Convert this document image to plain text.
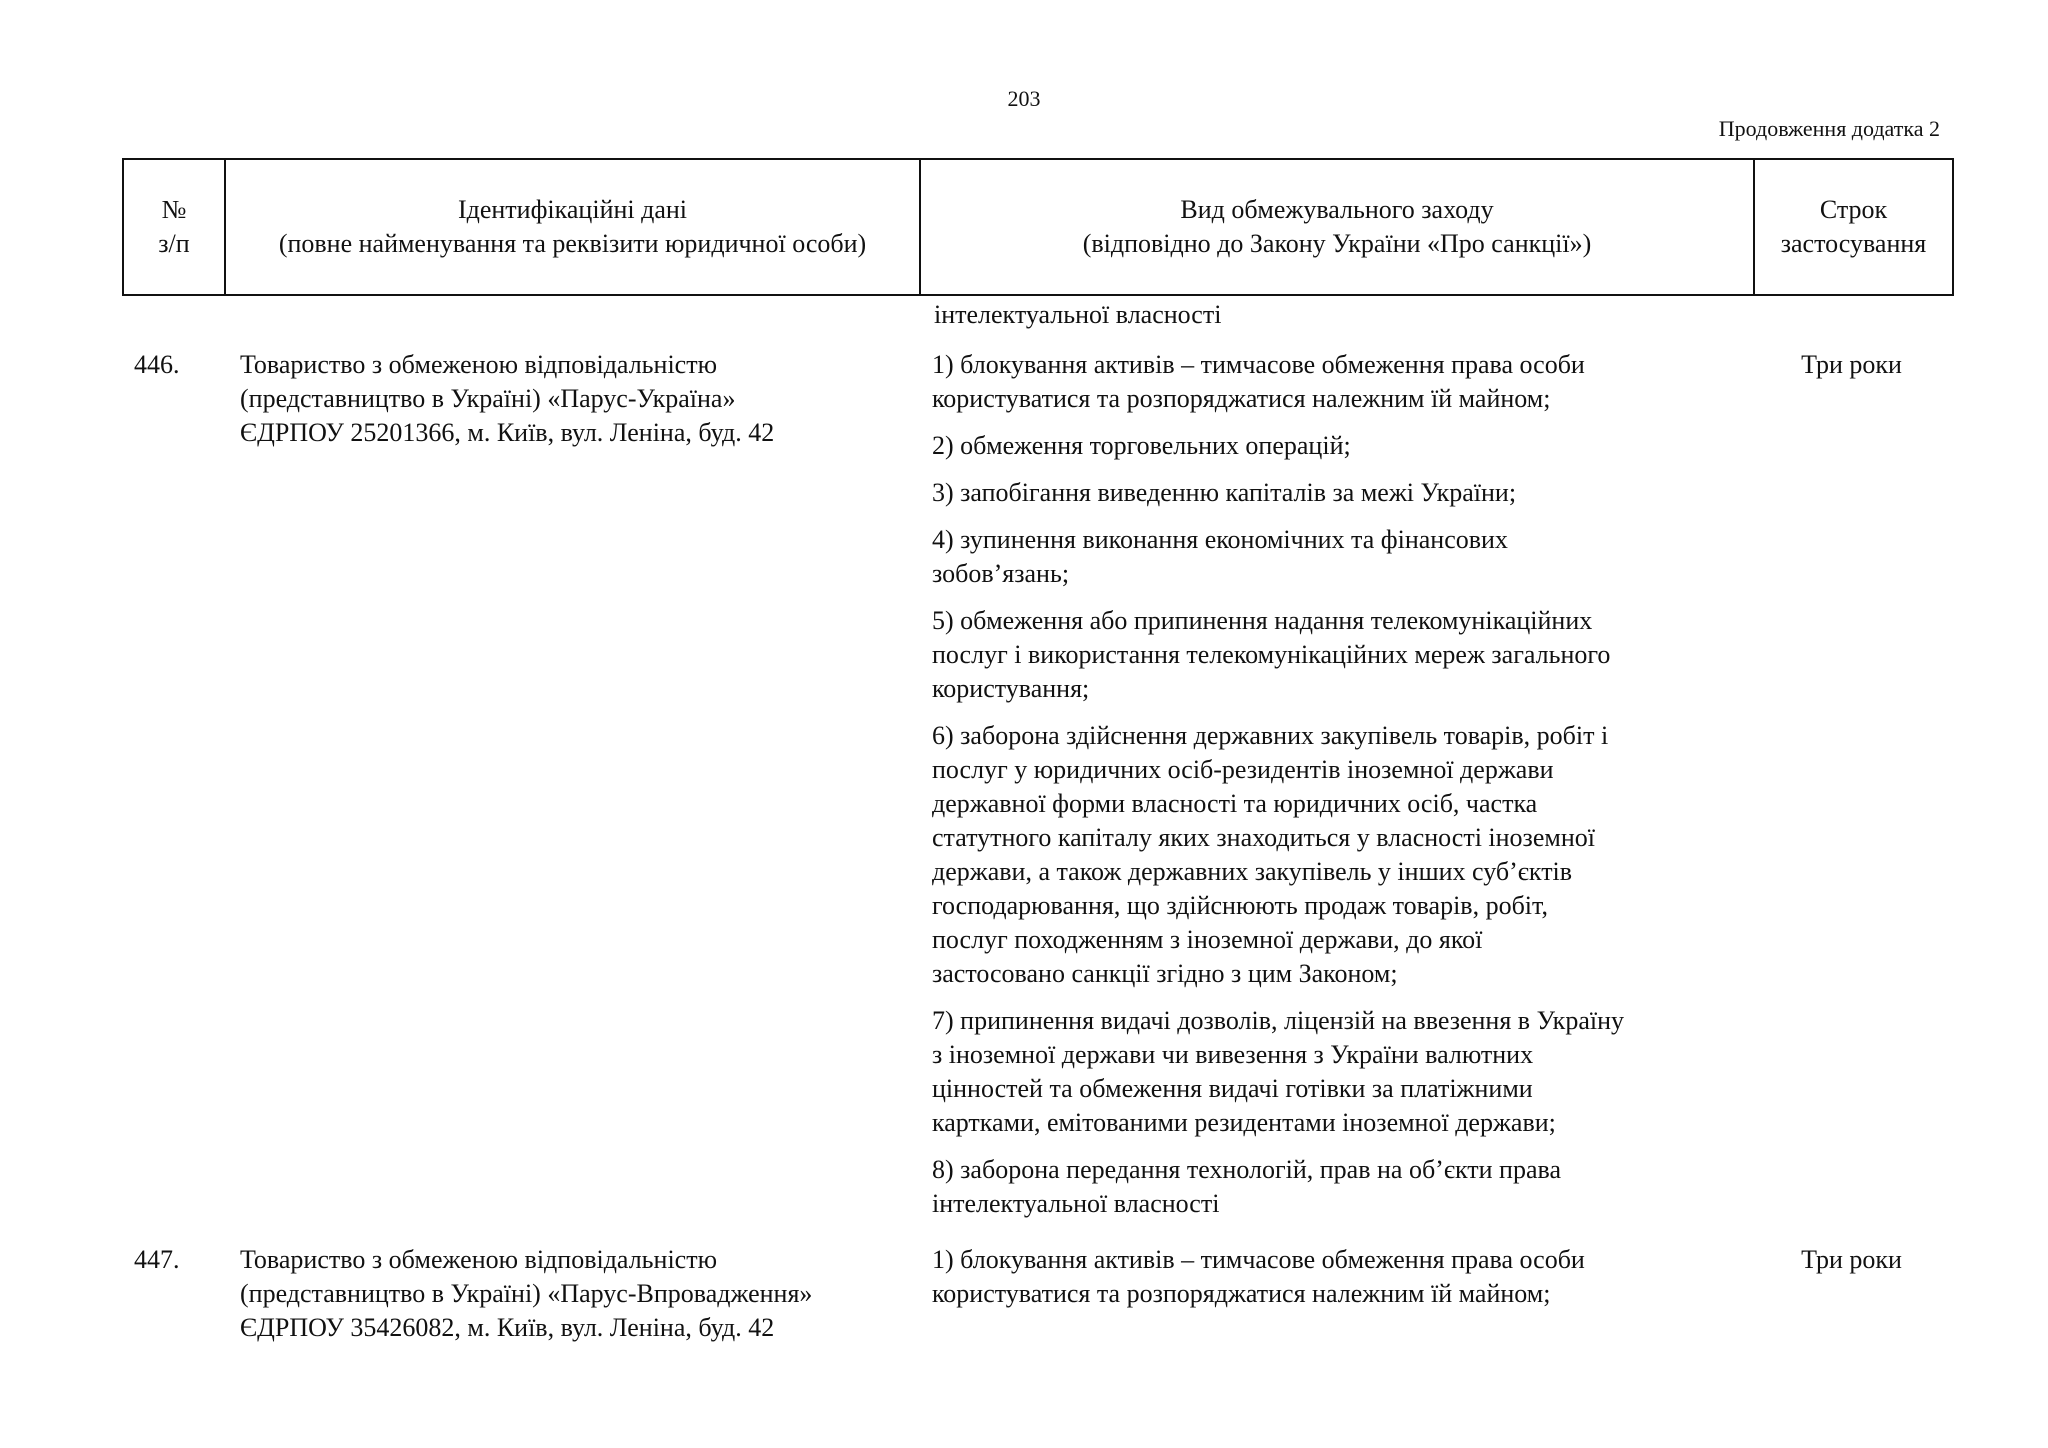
203
Продовження додатка 2
№
з/п
Ідентифікаційні дані
(повне найменування та реквізити юридичної особи)
Вид обмежувального заходу
(відповідно до Закону України «Про санкції»)
Строк
застосування
інтелектуальної власності
446.	Товариство з обмеженою відповідальністю
(представництво в Україні) «Парус-Україна»
ЄДРПОУ 25201366, м. Київ, вул. Леніна, буд. 42
1) блокування активів – тимчасове обмеження права особи
користуватися та розпоряджатися належним їй майном;
2) обмеження торговельних операцій;
3) запобігання виведенню капіталів за межі України;
4) зупинення виконання економічних та фінансових
зобов’язань;
5) обмеження або припинення надання телекомунікаційних
послуг і використання телекомунікаційних мереж загального
користування;
6) заборона здійснення державних закупівель товарів, робіт і
послуг у юридичних осіб-резидентів іноземної держави
державної форми власності та юридичних осіб, частка
статутного капіталу яких знаходиться у власності іноземної
держави, а також державних закупівель у інших суб’єктів
господарювання, що здійснюють продаж товарів, робіт,
послуг походженням з іноземної держави, до якої
застосовано санкції згідно з цим Законом;
7) припинення видачі дозволів, ліцензій на ввезення в Україну
з іноземної держави чи вивезення з України валютних
цінностей та обмеження видачі готівки за платіжними
картками, емітованими резидентами іноземної держави;
8) заборона передання технологій, прав на об’єкти права
інтелектуальної власності
Три роки
447.	Товариство з обмеженою відповідальністю
(представництво в Україні) «Парус-Впровадження»
ЄДРПОУ 35426082, м. Київ, вул. Леніна, буд. 42
1) блокування активів – тимчасове обмеження права особи
користуватися та розпоряджатися належним їй майном;
Три роки
